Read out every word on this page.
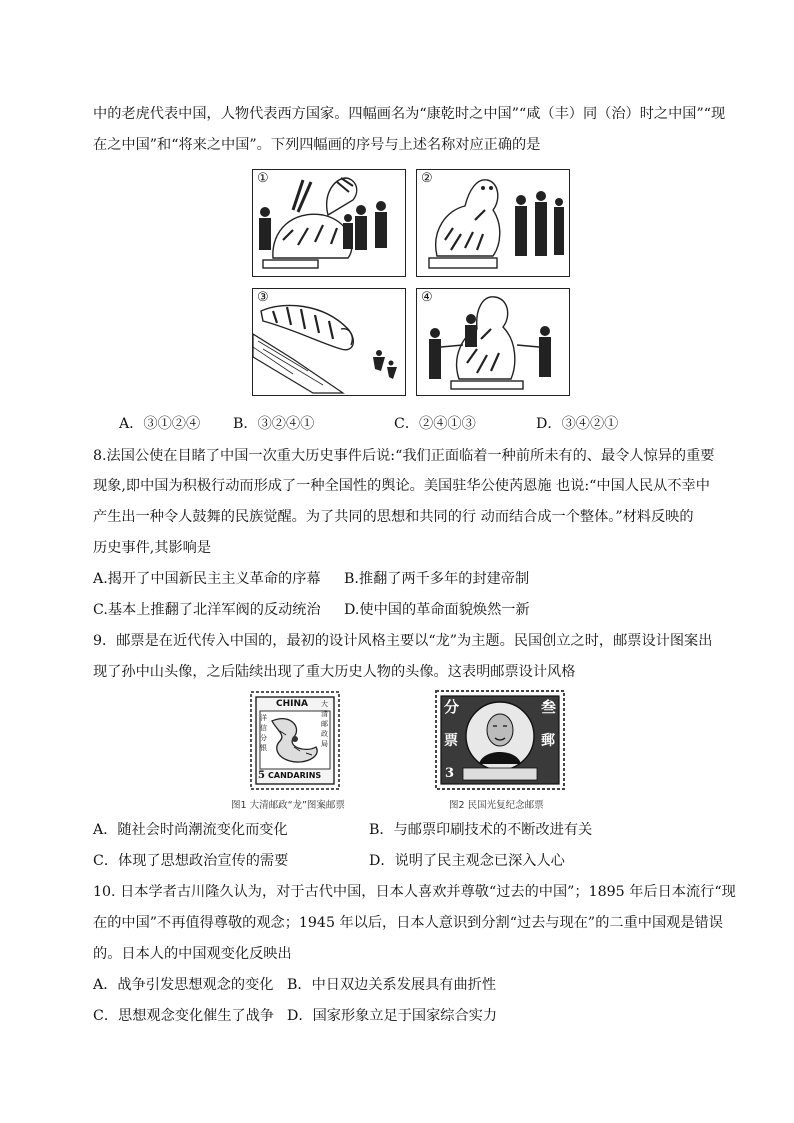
中的老虎代表中国，人物代表西方国家。四幅画名为“康乾时之中国”“咸（丰）同（治）时之中国”“现
在之中国”和“将来之中国”。下列四幅画的序号与上述名称对应正确的是
①	②
③	④
A．③①②④ B．③②④①	C．②④①③	D．③④②①
8.法国公使在目睹了中国一次重大历史事件后说:“我们正面临着一种前所未有的、最令人惊异的重要
现象,即中国为积极行动而形成了一种全国性的舆论。美国驻华公使芮恩施 也说:“中国人民从不幸中
产生出一种令人鼓舞的民族觉醒。为了共同的思想和共同的行 动而结合成一个整体。”材料反映的
历史事件,其影响是
A.揭开了中国新民主主义革命的序幕 B.推翻了两千多年的封建帝制
C.基本上推翻了北洋军阀的反动统治 D.使中国的革命面貌焕然一新
9．邮票是在近代传入中国的，最初的设计风格主要以“龙”为主题。民国创立之时，邮票设计图案出
现了孙中山头像，之后陆续出现了重大历史人物的头像。这表明邮票设计风格
CHINA
CANDARINS
5
洋 信 分 银
大 清 邮 政 局
图1 大清邮政“龙”图案邮票
分	叁
票	郵
3
图2 民国光复纪念邮票
A．随社会时尚潮流变化而变化	B．与邮票印刷技术的不断改进有关
C．体现了思想政治宣传的需要	D．说明了民主观念已深入人心
10. 日本学者古川隆久认为，对于古代中国，日本人喜欢并尊敬“过去的中国”；1895 年后日本流行“现
在的中国”不再值得尊敬的观念；1945 年以后，日本人意识到分割“过去与现在”的二重中国观是错误
的。日本人的中国观变化反映出
A．战争引发思想观念的变化 B．中日双边关系发展具有曲折性
C．思想观念变化催生了战争 D．国家形象立足于国家综合实力
